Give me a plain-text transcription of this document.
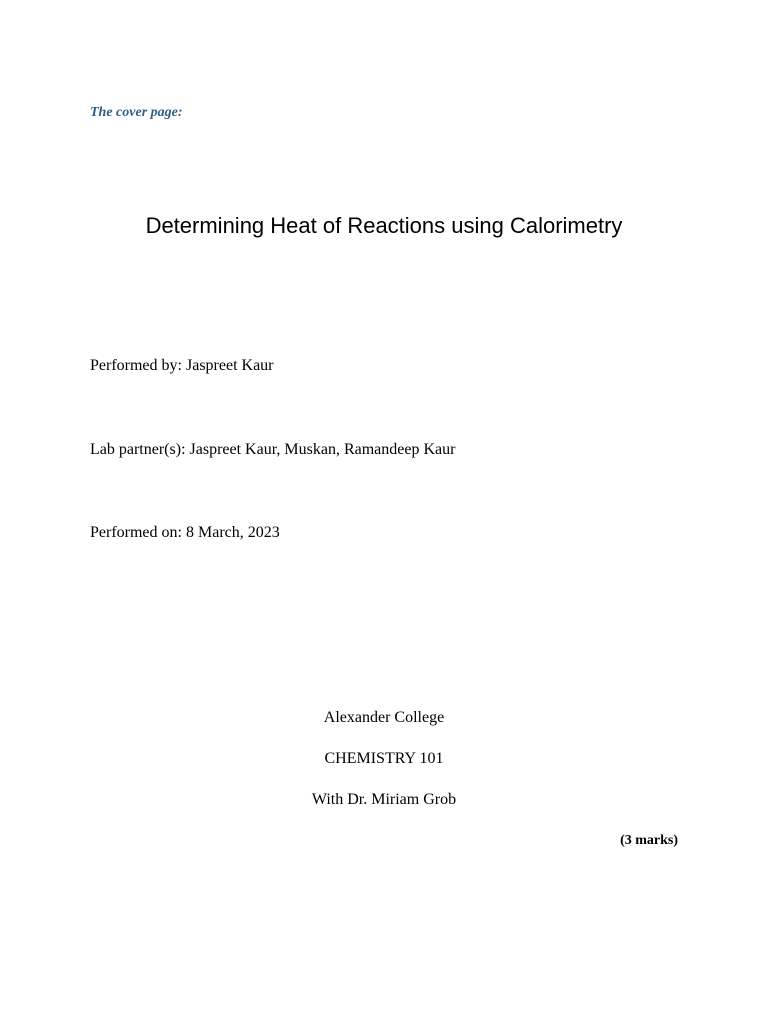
The cover page:
Determining Heat of Reactions using Calorimetry
Performed by: Jaspreet Kaur
Lab partner(s): Jaspreet Kaur, Muskan, Ramandeep Kaur
Performed on: 8 March, 2023
Alexander College
CHEMISTRY 101
With Dr. Miriam Grob
(3 marks)
